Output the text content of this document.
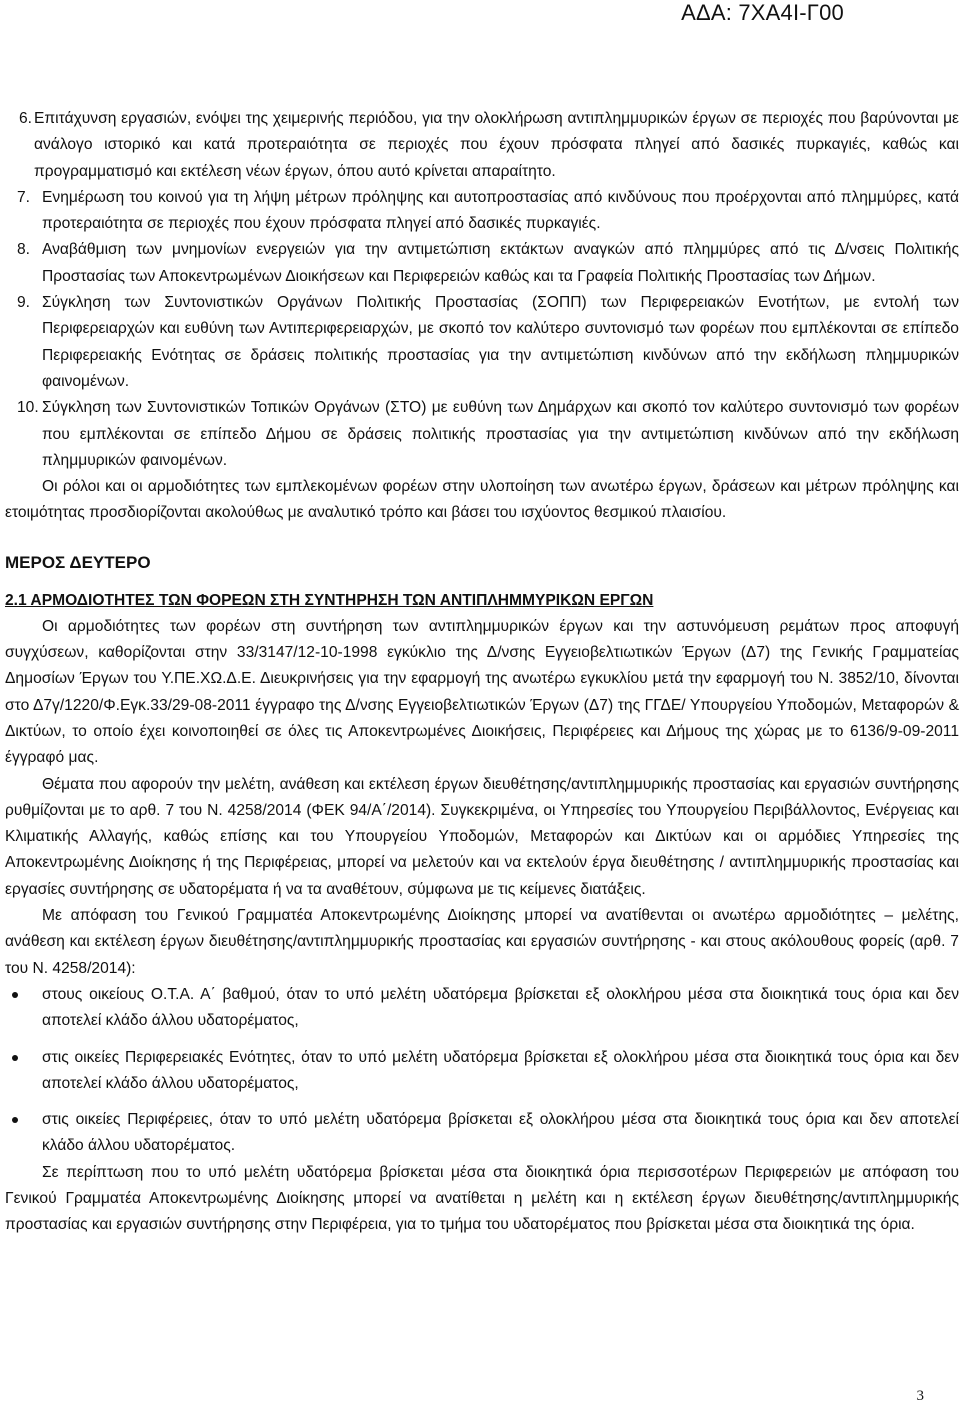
ΑΔΑ: 7ΧΑ4Ι-Γ00
6. Επιτάχυνση εργασιών, ενόψει της χειμερινής περιόδου, για την ολοκλήρωση αντιπλημμυρικών έργων σε περιοχές που βαρύνονται με ανάλογο ιστορικό και κατά προτεραιότητα σε περιοχές που έχουν πρόσφατα πληγεί από δασικές πυρκαγιές, καθώς και προγραμματισμό και εκτέλεση νέων έργων, όπου αυτό κρίνεται απαραίτητο.
7. Ενημέρωση του κοινού για τη λήψη μέτρων πρόληψης και αυτοπροστασίας από κινδύνους που προέρχονται από πλημμύρες, κατά προτεραιότητα σε περιοχές που έχουν πρόσφατα πληγεί από δασικές πυρκαγιές.
8. Αναβάθμιση των μνημονίων ενεργειών για την αντιμετώπιση εκτάκτων αναγκών από πλημμύρες από τις Δ/νσεις Πολιτικής Προστασίας των Αποκεντρωμένων Διοικήσεων και Περιφερειών καθώς και τα Γραφεία Πολιτικής Προστασίας των Δήμων.
9. Σύγκληση των Συντονιστικών Οργάνων Πολιτικής Προστασίας (ΣΟΠΠ) των Περιφερειακών Ενοτήτων, με εντολή των Περιφερειαρχών και ευθύνη των Αντιπεριφερειαρχών, με σκοπό τον καλύτερο συντονισμό των φορέων που εμπλέκονται σε επίπεδο Περιφερειακής Ενότητας σε δράσεις πολιτικής προστασίας για την αντιμετώπιση κινδύνων από την εκδήλωση πλημμυρικών φαινομένων.
10. Σύγκληση των Συντονιστικών Τοπικών Οργάνων (ΣΤΟ) με ευθύνη των Δημάρχων και σκοπό τον καλύτερο συντονισμό των φορέων που εμπλέκονται σε επίπεδο Δήμου σε δράσεις πολιτικής προστασίας για την αντιμετώπιση κινδύνων από την εκδήλωση πλημμυρικών φαινομένων.
Οι ρόλοι και οι αρμοδιότητες των εμπλεκομένων φορέων στην υλοποίηση των ανωτέρω έργων, δράσεων και μέτρων πρόληψης και ετοιμότητας προσδιορίζονται ακολούθως με αναλυτικό τρόπο και βάσει του ισχύοντος θεσμικού πλαισίου.
ΜΕΡΟΣ ΔΕΥΤΕΡΟ
2.1 ΑΡΜΟΔΙΟΤΗΤΕΣ ΤΩΝ ΦΟΡΕΩΝ ΣΤΗ ΣΥΝΤΗΡΗΣΗ ΤΩΝ ΑΝΤΙΠΛΗΜΜΥΡΙΚΩΝ ΕΡΓΩΝ
Οι αρμοδιότητες των φορέων στη συντήρηση των αντιπλημμυρικών έργων και την αστυνόμευση ρεμάτων προς αποφυγή συγχύσεων, καθορίζονται στην 33/3147/12-10-1998 εγκύκλιο της Δ/νσης Εγγειοβελτιωτικών Έργων (Δ7) της Γενικής Γραμματείας Δημοσίων Έργων του Υ.ΠΕ.ΧΩ.Δ.Ε. Διευκρινήσεις για την εφαρμογή της ανωτέρω εγκυκλίου μετά την εφαρμογή του Ν. 3852/10, δίνονται στο Δ7γ/1220/Φ.Εγκ.33/29-08-2011 έγγραφο της Δ/νσης Εγγειοβελτιωτικών Έργων (Δ7) της ΓΓΔΕ/ Υπουργείου Υποδομών, Μεταφορών & Δικτύων, το οποίο έχει κοινοποιηθεί σε όλες τις Αποκεντρωμένες Διοικήσεις, Περιφέρειες και Δήμους της χώρας με το 6136/9-09-2011 έγγραφό μας.
Θέματα που αφορούν την μελέτη, ανάθεση και εκτέλεση έργων διευθέτησης/αντιπλημμυρικής προστασίας και εργασιών συντήρησης ρυθμίζονται με το αρθ. 7 του Ν. 4258/2014 (ΦΕΚ 94/Α΄/2014). Συγκεκριμένα, οι Υπηρεσίες του Υπουργείου Περιβάλλοντος, Ενέργειας και Κλιματικής Αλλαγής, καθώς επίσης και του Υπουργείου Υποδομών, Μεταφορών και Δικτύων και οι αρμόδιες Υπηρεσίες της Αποκεντρωμένης Διοίκησης ή της Περιφέρειας, μπορεί να μελετούν και να εκτελούν έργα διευθέτησης / αντιπλημμυρικής προστασίας και εργασίες συντήρησης σε υδατορέματα ή να τα αναθέτουν, σύμφωνα με τις κείμενες διατάξεις.
Με απόφαση του Γενικού Γραμματέα Αποκεντρωμένης Διοίκησης μπορεί να ανατίθενται οι ανωτέρω αρμοδιότητες – μελέτης, ανάθεση και εκτέλεση έργων διευθέτησης/αντιπλημμυρικής προστασίας και εργασιών συντήρησης - και στους ακόλουθους φορείς (αρθ. 7 του Ν. 4258/2014):
στους οικείους Ο.Τ.Α. Α΄ βαθμού, όταν το υπό μελέτη υδατόρεμα βρίσκεται εξ ολοκλήρου μέσα στα διοικητικά τους όρια και δεν αποτελεί κλάδο άλλου υδατορέματος,
στις οικείες Περιφερειακές Ενότητες, όταν το υπό μελέτη υδατόρεμα βρίσκεται εξ ολοκλήρου μέσα στα διοικητικά τους όρια και δεν αποτελεί κλάδο άλλου υδατορέματος,
στις οικείες Περιφέρειες, όταν το υπό μελέτη υδατόρεμα βρίσκεται εξ ολοκλήρου μέσα στα διοικητικά τους όρια και δεν αποτελεί κλάδο άλλου υδατορέματος.
Σε περίπτωση που το υπό μελέτη υδατόρεμα βρίσκεται μέσα στα διοικητικά όρια περισσοτέρων Περιφερειών με απόφαση του Γενικού Γραμματέα Αποκεντρωμένης Διοίκησης μπορεί να ανατίθεται η μελέτη και η εκτέλεση έργων διευθέτησης/αντιπλημμυρικής προστασίας και εργασιών συντήρησης στην Περιφέρεια, για το τμήμα του υδατορέματος που βρίσκεται μέσα στα διοικητικά της όρια.
3
